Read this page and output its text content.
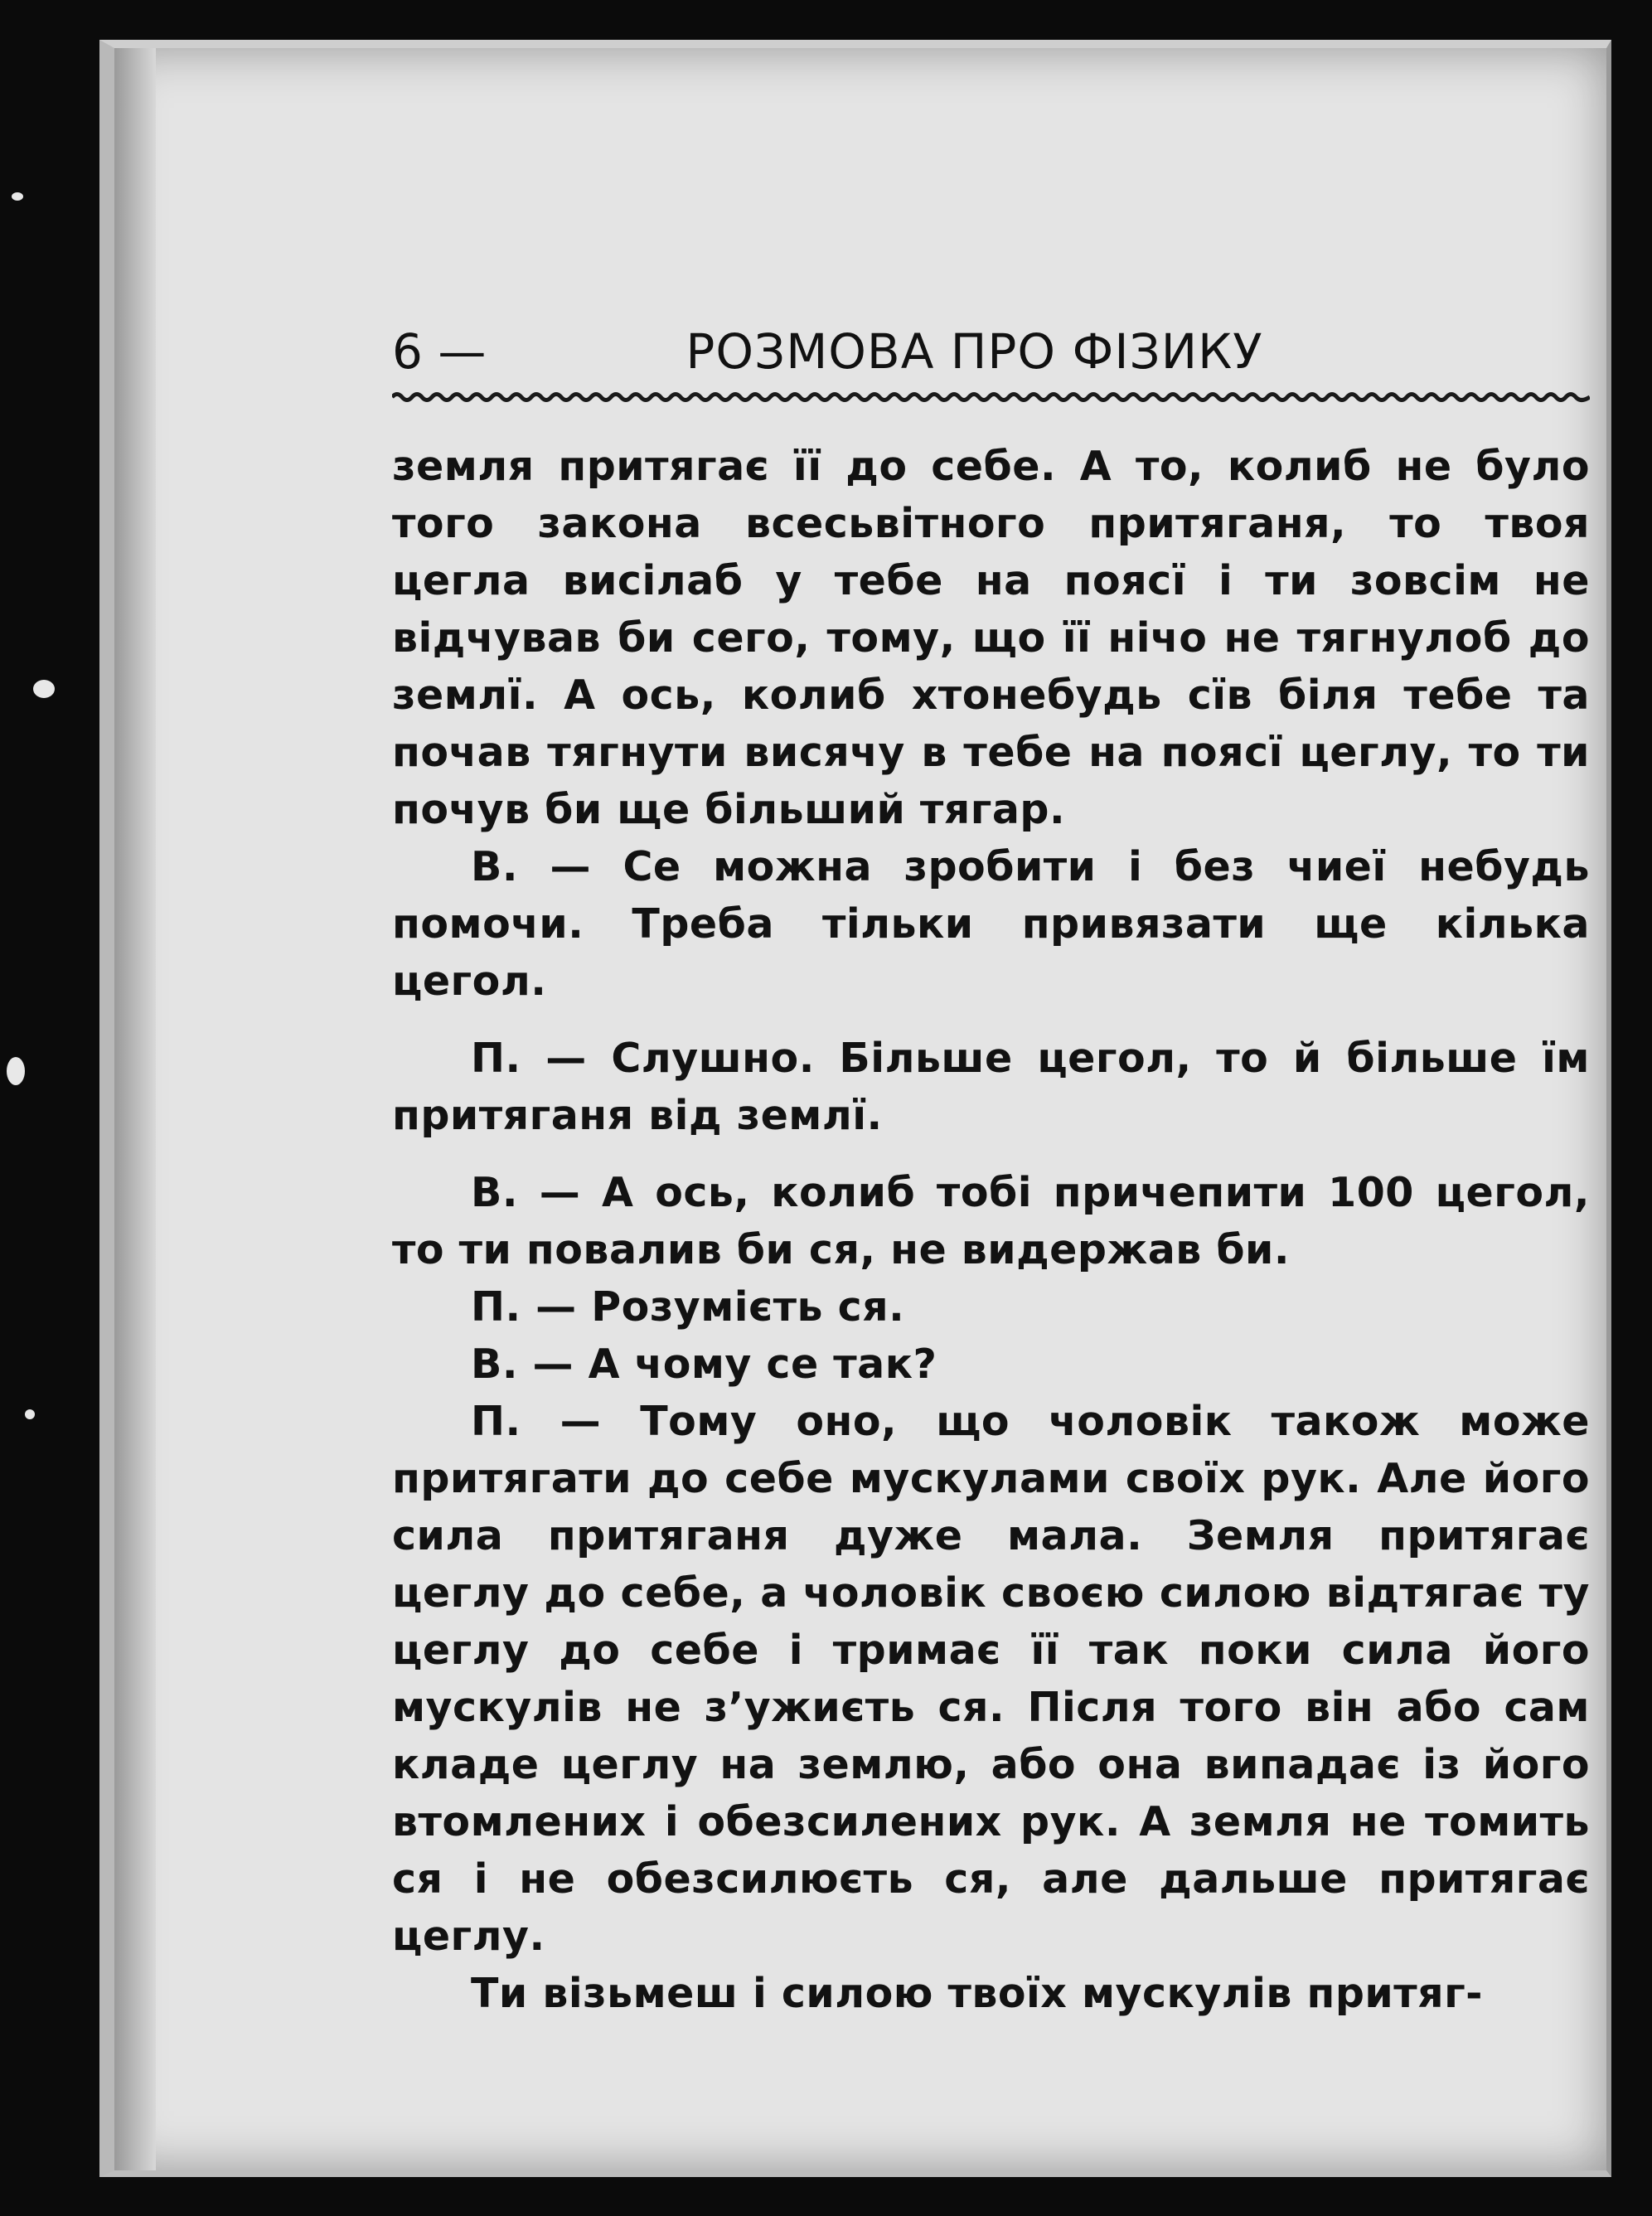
6 —	РОЗМОВА ПРО ФІЗИКУ

земля притягає її до себе. А то, колиб не було того закона всесьвітного притяганя, то твоя цегла висілаб у тебе на поясї і ти зовсім не відчував би сего, тому, що її нічо не тягнулоб до землї. А ось, колиб хтонебудь сїв біля тебе та почав тягнути висячу в тебе на поясї цеглу, то ти почув би ще більший тягар.

В. — Се можна зробити і без чиеї небудь помочи. Треба тільки привязати ще кілька цегол.

П. — Слушно. Більше цегол, то й більше їм притяганя від землї.

В. — А ось, колиб тобі причепити 100 цегол, то ти повалив би ся, не видержав би.

П. — Розумієть ся.

В. — А чому се так?

П. — Тому оно, що чоловік також може притягати до себе мускулами своїх рук. Але його сила притяганя дуже мала. Земля притягає цеглу до себе, а чоловік своєю силою відтягає ту цеглу до себе і тримає її так поки сила його мускулів не з’ужиєть ся. Після того він або сам кладе цеглу на землю, або она випадає із його втомлених і обезсилених рук. А земля не томить ся і не обезсилюєть ся, але дальше притягає цеглу.

Ти візьмеш і силою твоїх мускулів притяг-
